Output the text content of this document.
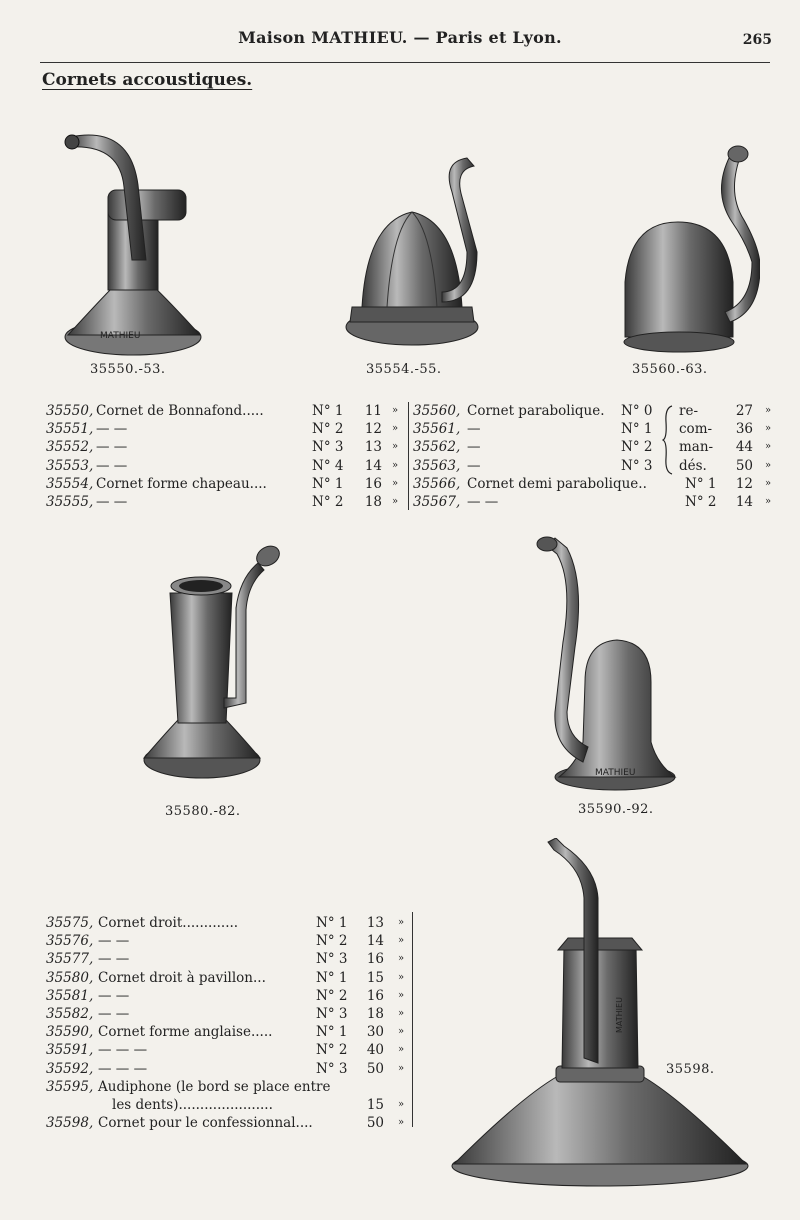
Maison MATHIEU. — Paris et Lyon.	265
Cornets accoustiques.
MATHIEU
35550.-53.	35554.-55.	35560.-63.
35550, Cornet de Bonnafond.....	N° 1	11 »
35551, — —	N° 2	12 »
35552, — —	N° 3	13 »
35553, — —	N° 4	14 »
35554, Cornet forme chapeau....	N° 1	16 »
35555, — —	N° 2	18 »
35560, Cornet parabolique. N° 0 re-	27 »
35561, —	N° 1 com-	36 »
35562, —	N° 2 man-	44 »
35563, —	N° 3 dés.	50 »
35566, Cornet demi parabolique..	N° 1	12 »
35567, — —	N° 2	14 »
35580.-82.
MATHIEU
35590.-92.
35575, Cornet droit.............	N° 1	13 »
35576, — —	N° 2	14 »
35577, — —	N° 3	16 »
35580, Cornet droit à pavillon...	N° 1	15 »
35581, — —	N° 2	16 »
35582, — —	N° 3	18 »
35590, Cornet forme anglaise.....	N° 1	30 »
35591, — — —	N° 2	40 »
35592, — — —	N° 3	50 »
35595, Audiphone (le bord se place entre
les dents)......................	15 »
35598, Cornet pour le confessionnal....	50 »
MATHIEU
35598.
